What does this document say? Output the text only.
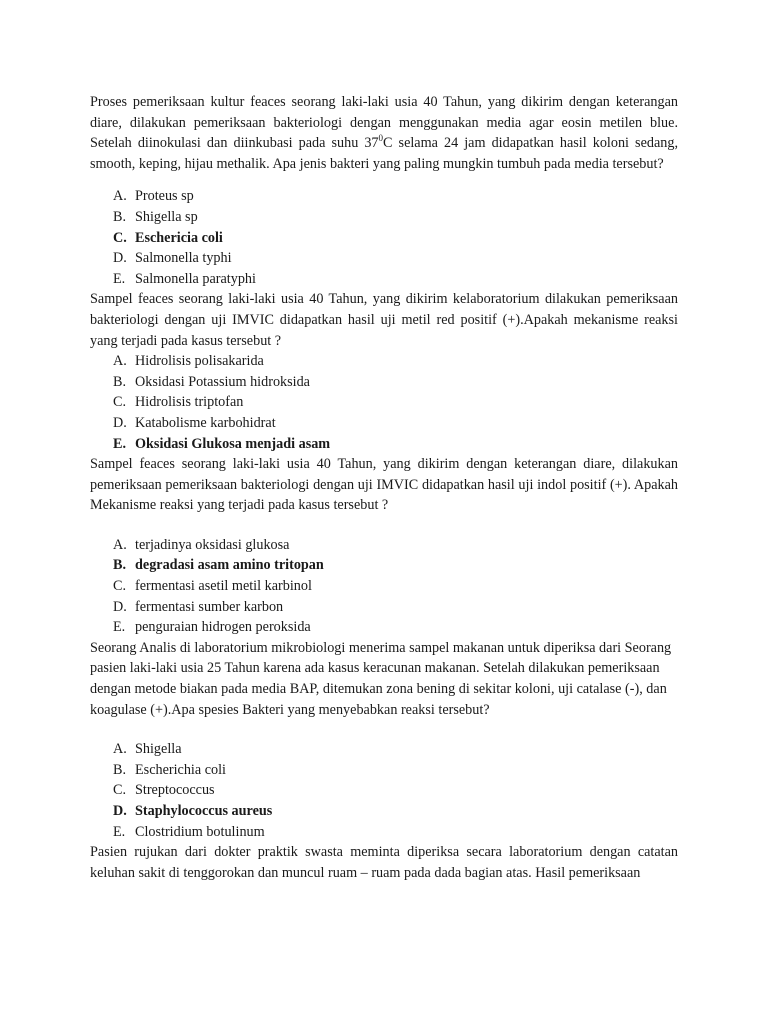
Proses pemeriksaan kultur feaces seorang laki-laki usia 40 Tahun, yang dikirim dengan keterangan diare, dilakukan pemeriksaan bakteriologi dengan menggunakan media agar eosin metilen blue. Setelah diinokulasi dan diinkubasi pada suhu $37^0C$ selama 24 jam didapatkan hasil koloni sedang, smooth, keping, hijau methalik. Apa jenis bakteri yang paling mungkin tumbuh pada media tersebut?

A. Proteus sp
B. Shigella sp
C. Eschericia coli
D. Salmonella typhi
E. Salmonella paratyphi

Sampel feaces seorang laki-laki usia 40 Tahun, yang dikirim kelaboratorium dilakukan pemeriksaan bakteriologi dengan uji IMVIC didapatkan hasil uji metil red positif (+).Apakah mekanisme reaksi yang terjadi pada kasus tersebut ?

A. Hidrolisis polisakarida
B. Oksidasi Potassium hidroksida
C. Hidrolisis triptofan
D. Katabolisme karbohidrat
E. Oksidasi Glukosa menjadi asam

Sampel feaces seorang laki-laki usia 40 Tahun, yang dikirim dengan keterangan diare, dilakukan pemeriksaan pemeriksaan bakteriologi dengan uji IMVIC didapatkan hasil uji indol positif (+). Apakah Mekanisme reaksi yang terjadi pada kasus tersebut ?

A. terjadinya oksidasi glukosa
B. degradasi asam amino tritopan
C. fermentasi asetil metil karbinol
D. fermentasi sumber karbon
E. penguraian hidrogen peroksida

Seorang Analis di laboratorium mikrobiologi menerima sampel makanan untuk diperiksa dari Seorang pasien laki-laki usia 25 Tahun karena ada kasus keracunan makanan. Setelah dilakukan pemeriksaan dengan metode biakan pada media BAP, ditemukan zona bening di sekitar koloni, uji catalase (-), dan koagulase (+).Apa spesies Bakteri yang menyebabkan reaksi tersebut?

A. Shigella
B. Escherichia coli
C. Streptococcus
D. Staphylococcus aureus
E. Clostridium botulinum

Pasien rujukan dari dokter praktik swasta meminta diperiksa secara laboratorium dengan catatan keluhan sakit di tenggorokan dan muncul ruam – ruam pada dada bagian atas. Hasil pemeriksaan
